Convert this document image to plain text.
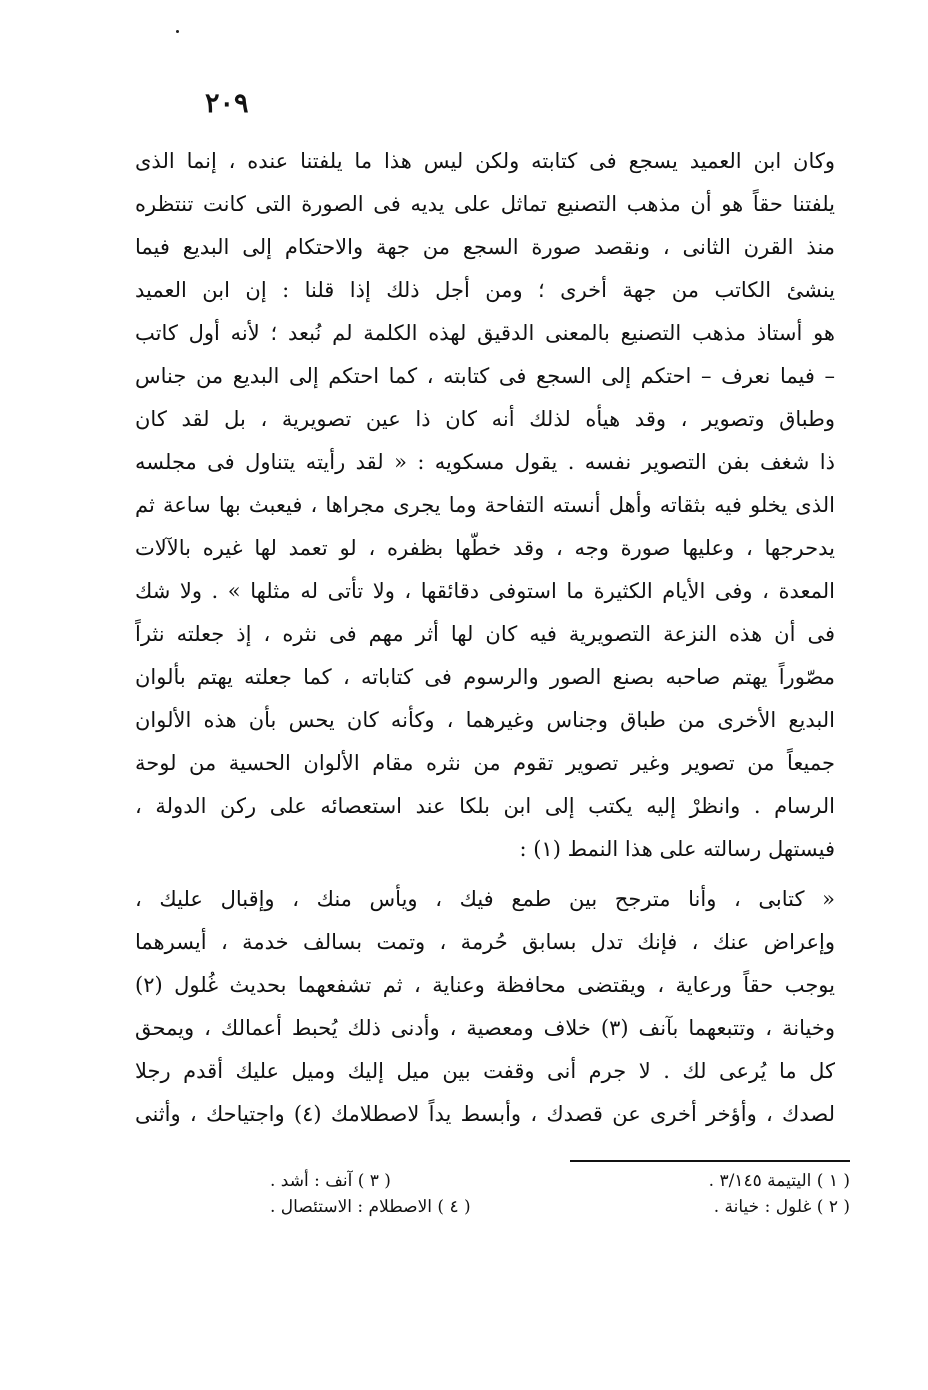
٢٠٩
وكان ابن العميد يسجع فى كتابته ولكن ليس هذا ما يلفتنا عنده ، إنما الذى
يلفتنا حقاً هو أن مذهب التصنيع تماثل على يديه فى الصورة التى كانت تنتظره
منذ القرن الثانى ، ونقصد صورة السجع من جهة والاحتكام إلى البديع فيما
ينشئ الكاتب من جهة أخرى ؛ ومن أجل ذلك إذا قلنا : إن ابن العميد
هو أستاذ مذهب التصنيع بالمعنى الدقيق لهذه الكلمة لم نُبعد ؛ لأنه أول كاتب
– فيما نعرف – احتكم إلى السجع فى كتابته ، كما احتكم إلى البديع من جناس
وطباق وتصوير ، وقد هيأه لذلك أنه كان ذا عين تصويرية ، بل لقد كان
ذا شغف بفن التصوير نفسه . يقول مسكويه : « لقد رأيته يتناول فى مجلسه
الذى يخلو فيه بثقاته وأهل أنسته التفاحة وما يجرى مجراها ، فيعبث بها ساعة ثم
يدحرجها ، وعليها صورة وجه ، وقد خطّها بظفره ، لو تعمد لها غيره بالآلات
المعدة ، وفى الأيام الكثيرة ما استوفى دقائقها ، ولا تأتى له مثلها » . ولا شك
فى أن هذه النزعة التصويرية فيه كان لها أثر مهم فى نثره ، إذ جعلته نثراً
مصّوراً يهتم صاحبه بصنع الصور والرسوم فى كتاباته ، كما جعلته يهتم بألوان
البديع الأخرى من طباق وجناس وغيرهما ، وكأنه كان يحس بأن هذه الألوان
جميعاً من تصوير وغير تصوير تقوم من نثره مقام الألوان الحسية من لوحة
الرسام . وانظرْ إليه يكتب إلى ابن بلكا عند استعصائه على ركن الدولة ،
فيستهل رسالته على هذا النمط (١) :
« كتابى ، وأنا مترجح بين طمع فيك ، ويأس منك ، وإقبال عليك ،
وإعراض عنك ، فإنك تدل بسابق حُرمة ، وتمت بسالف خدمة ، أيسرهما
يوجب حقاً ورعاية ، ويقتضى محافظة وعناية ، ثم تشفعهما بحديث غُلول (٢)
وخيانة ، وتتبعهما بآنف (٣) خلاف ومعصية ، وأدنى ذلك يُحبط أعمالك ، ويمحق
كل ما يُرعى لك . لا جرم أنى وقفت بين ميل إليك وميل عليك أقدم رجلا
لصدك ، وأؤخر أخرى عن قصدك ، وأبسط يداً لاصطلامك (٤) واجتياحك ، وأثنى
( ١ ) اليتيمة ٣/١٤٥ .
( ٣ ) آنف : أشد .
( ٢ ) غلول : خيانة .
( ٤ ) الاصطلام : الاستئصال .
